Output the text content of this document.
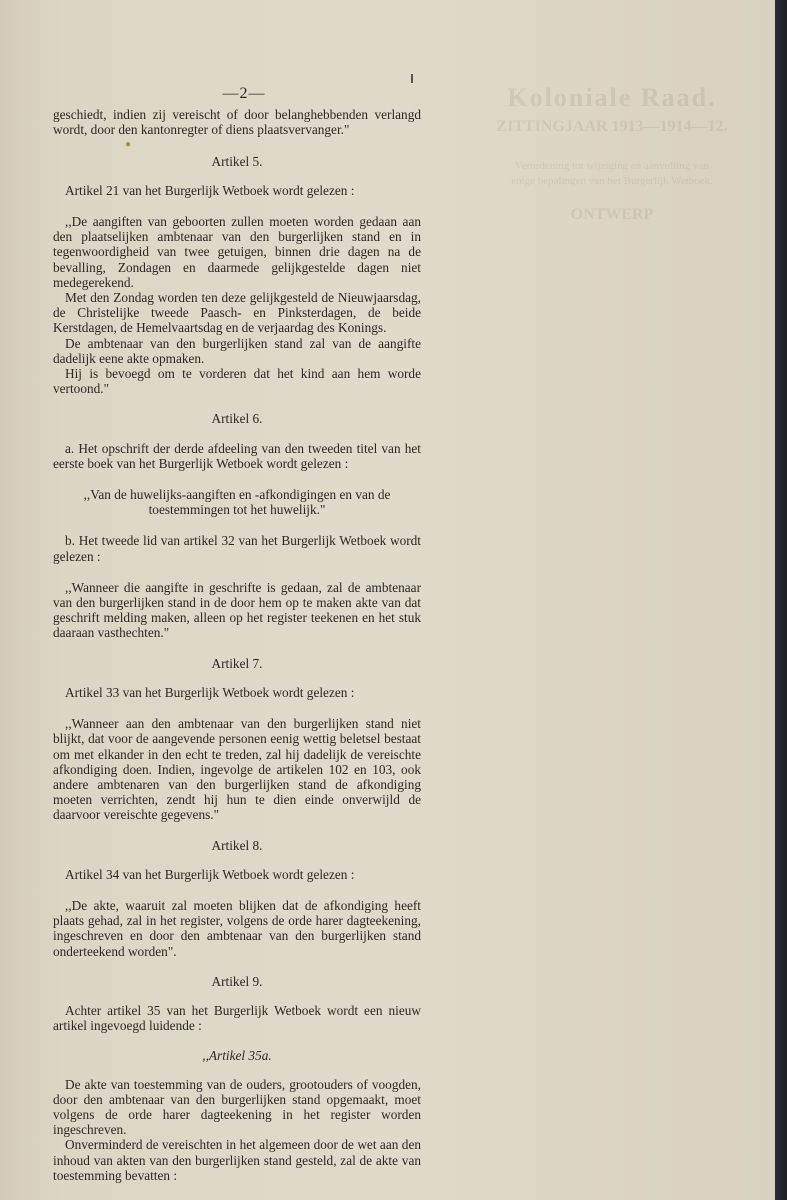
Koloniale Raad.
ZITTINGJAAR 1913—1914—12.
Verordening tot wijziging en aanvulling van
enige bepalingen van het Burgerlijk Wetboek.
ONTWERP
—2—

geschiedt, indien zij vereischt of door belanghebbenden verlangd wordt, door den kantonregter of diens plaatsvervanger."

●

Artikel 5.

Artikel 21 van het Burgerlijk Wetboek wordt gelezen :

,,De aangiften van geboorten zullen moeten worden gedaan aan den plaatselijken ambtenaar van den burgerlijken stand en in tegenwoordigheid van twee getuigen, binnen drie dagen na de bevalling, Zondagen en daarmede gelijkgestelde dagen niet medegerekend.

Met den Zondag worden ten deze gelijkgesteld de Nieuwjaarsdag, de Christelijke tweede Paasch- en Pinksterdagen, de beide Kerstdagen, de Hemelvaartsdag en de verjaardag des Konings.

De ambtenaar van den burgerlijken stand zal van de aangifte dadelijk eene akte opmaken.

Hij is bevoegd om te vorderen dat het kind aan hem worde vertoond."

Artikel 6.

a. Het opschrift der derde afdeeling van den tweeden titel van het eerste boek van het Burgerlijk Wetboek wordt gelezen :

,,Van de huwelijks-aangiften en -afkondigingen en van de toestemmingen tot het huwelijk."

b. Het tweede lid van artikel 32 van het Burgerlijk Wetboek wordt gelezen :

,,Wanneer die aangifte in geschrifte is gedaan, zal de ambtenaar van den burgerlijken stand in de door hem op te maken akte van dat geschrift melding maken, alleen op het register teekenen en het stuk daaraan vasthechten."

Artikel 7.

Artikel 33 van het Burgerlijk Wetboek wordt gelezen :

,,Wanneer aan den ambtenaar van den burgerlijken stand niet blijkt, dat voor de aangevende personen eenig wettig beletsel bestaat om met elkander in den echt te treden, zal hij dadelijk de vereischte afkondiging doen. Indien, ingevolge de artikelen 102 en 103, ook andere ambtenaren van den burgerlijken stand de afkondiging moeten verrichten, zendt hij hun te dien einde onverwijld de daarvoor vereischte gegevens."

Artikel 8.

Artikel 34 van het Burgerlijk Wetboek wordt gelezen :

,,De akte, waaruit zal moeten blijken dat de afkondiging heeft plaats gehad, zal in het register, volgens de orde harer dagteekening, ingeschreven en door den ambtenaar van den burgerlijken stand onderteekend worden".

Artikel 9.

Achter artikel 35 van het Burgerlijk Wetboek wordt een nieuw artikel ingevoegd luidende :

,,Artikel 35a.

De akte van toestemming van de ouders, grootouders of voogden, door den ambtenaar van den burgerlijken stand opgemaakt, moet volgens de orde harer dagteekening in het register worden ingeschreven.

Onverminderd de vereischten in het algemeen door de wet aan den inhoud van akten van den burgerlijken stand gesteld, zal de akte van toestemming bevatten :
